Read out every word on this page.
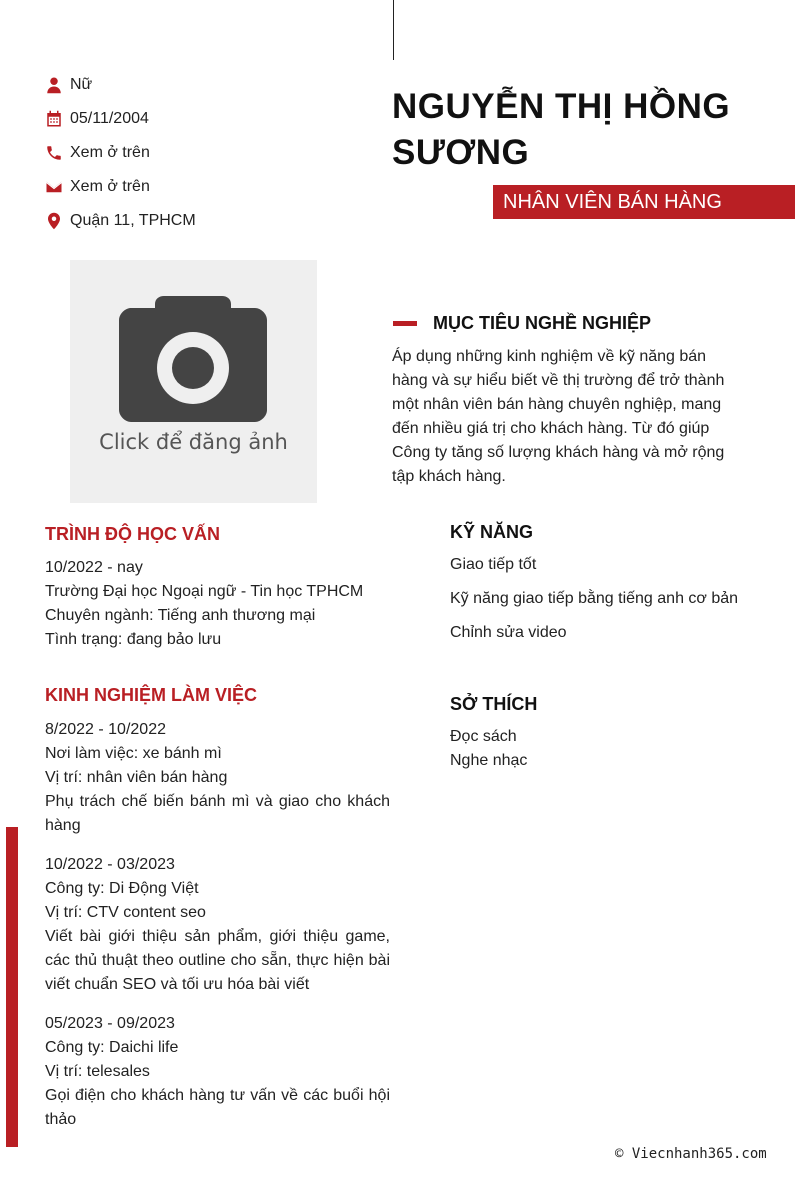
Nữ
05/11/2004
Xem ở trên
Xem ở trên
Quận 11, TPHCM
NGUYỄN THỊ HỒNG SƯƠNG
NHÂN VIÊN BÁN HÀNG
Click để đăng ảnh
MỤC TIÊU NGHỀ NGHIỆP

Áp dụng những kinh nghiệm về kỹ năng bán hàng và sự hiểu biết về thị trường để trở thành một nhân viên bán hàng chuyên nghiệp, mang đến nhiều giá trị cho khách hàng. Từ đó giúp Công ty tăng số lượng khách hàng và mở rộng tập khách hàng.

TRÌNH ĐỘ HỌC VẤN
10/2022 - nay
Trường Đại học Ngoại ngữ - Tin học TPHCM
Chuyên ngành: Tiếng anh thương mại
Tình trạng: đang bảo lưu
KINH NGHIỆM LÀM VIỆC
8/2022 - 10/2022
Nơi làm việc: xe bánh mì
Vị trí: nhân viên bán hàng
Phụ trách chế biến bánh mì và giao cho khách hàng
10/2022 - 03/2023
Công ty: Di Động Việt
Vị trí: CTV content seo
Viết bài giới thiệu sản phẩm, giới thiệu game, các thủ thuật theo outline cho sẵn, thực hiện bài viết chuẩn SEO và tối ưu hóa bài viết
05/2023 - 09/2023
Công ty: Daichi life
Vị trí: telesales
Gọi điện cho khách hàng tư vấn về các buổi hội thảo
KỸ NĂNG
Giao tiếp tốt
Kỹ năng giao tiếp bằng tiếng anh cơ bản
Chỉnh sửa video
SỞ THÍCH
Đọc sách
Nghe nhạc
© Viecnhanh365.com
